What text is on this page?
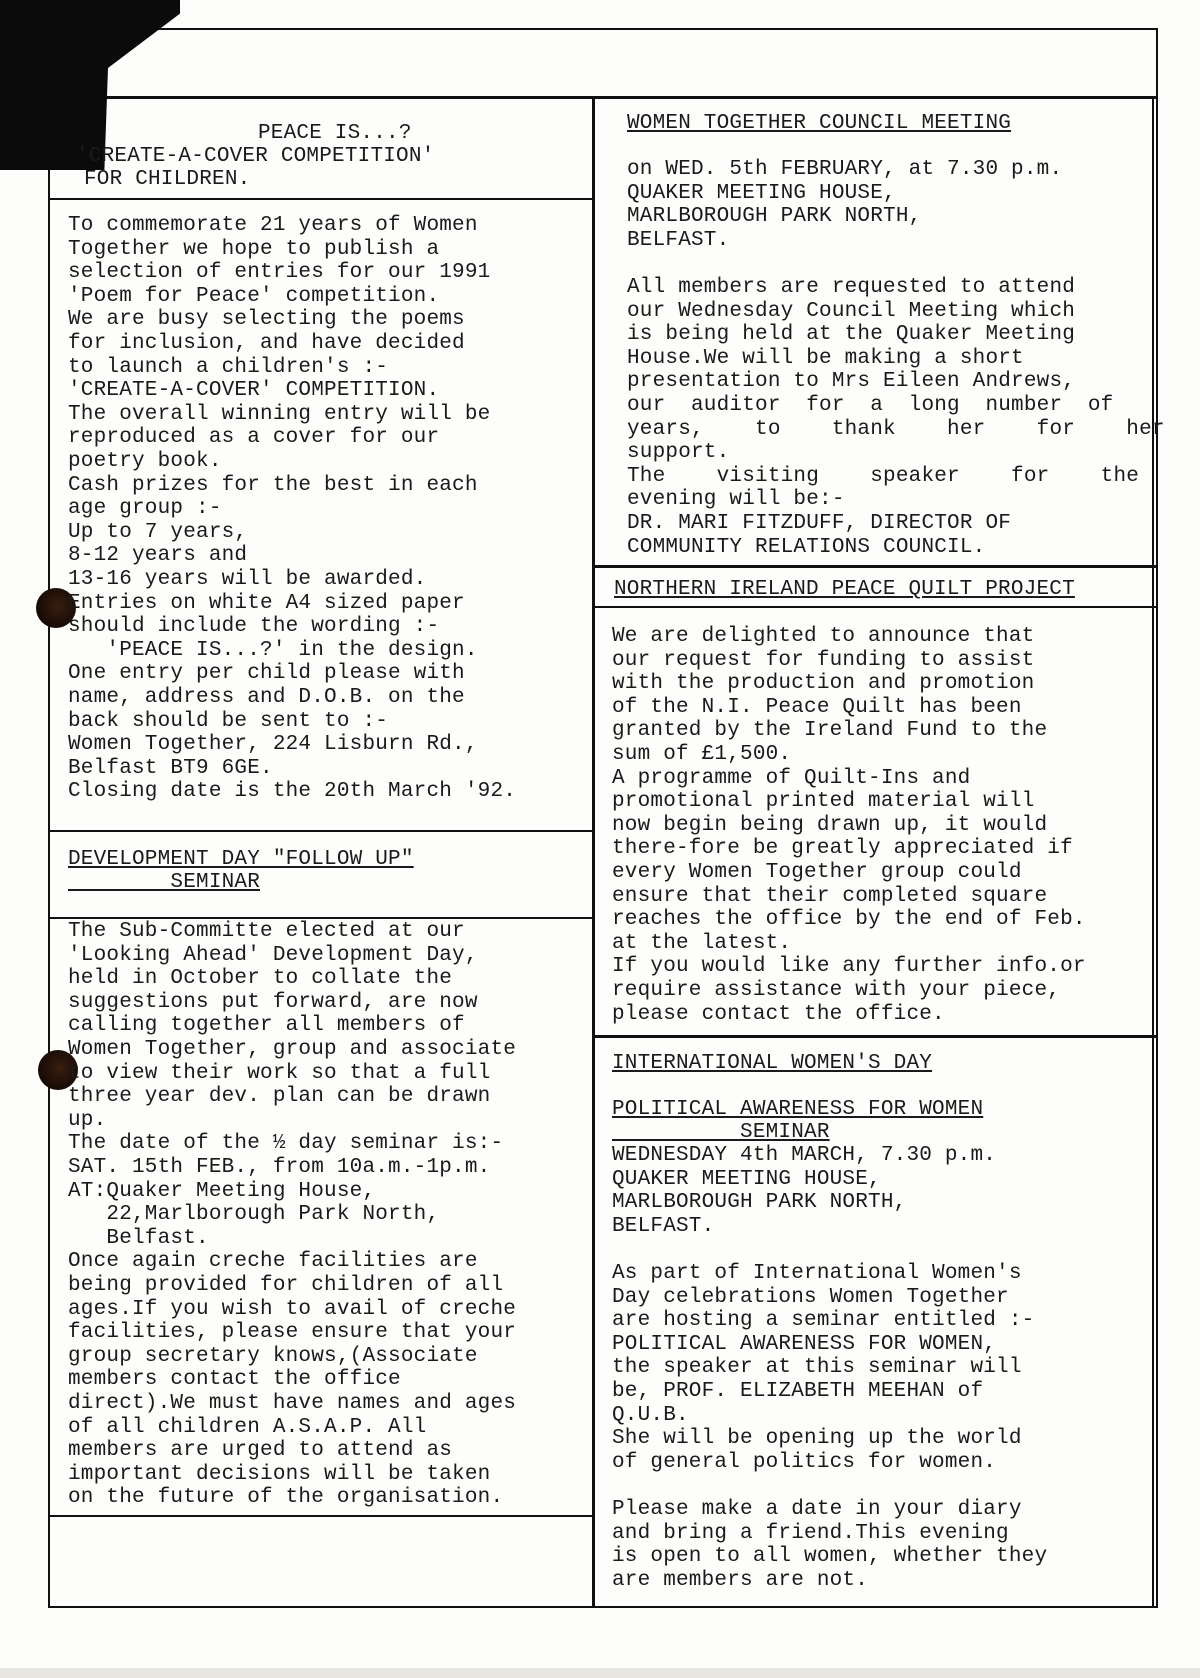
PEACE IS...?
'CREATE-A-COVER COMPETITION'
FOR CHILDREN.
To commemorate 21 years of Women
Together we hope to publish a
selection of entries for our 1991
'Poem for Peace' competition.
We are busy selecting the poems
for inclusion, and have decided
to launch a children's :-
'CREATE-A-COVER' COMPETITION.
The overall winning entry will be
reproduced as a cover for our
poetry book.
Cash prizes for the best in each
age group :-
Up to 7 years,
8-12 years and
13-16 years will be awarded.
Entries on white A4 sized paper
should include the wording :-
'PEACE IS...?' in the design.
One entry per child please with
name, address and D.O.B. on the
back should be sent to :-
Women Together, 224 Lisburn Rd.,
Belfast BT9 6GE.
Closing date is the 20th March '92.
DEVELOPMENT DAY "FOLLOW UP"
SEMINAR
The Sub-Committe elected at our
'Looking Ahead' Development Day,
held in October to collate the
suggestions put forward, are now
calling together all members of
Women Together, group and associate
to view their work so that a full
three year dev. plan can be drawn
up.
The date of the ½ day seminar is:-
SAT. 15th FEB., from 10a.m.-1p.m.
AT:Quaker Meeting House,
22,Marlborough Park North,
Belfast.
Once again creche facilities are
being provided for children of all
ages.If you wish to avail of creche
facilities, please ensure that your
group secretary knows,(Associate
members contact the office
direct).We must have names and ages
of all children A.S.A.P. All
members are urged to attend as
important decisions will be taken
on the future of the organisation.
WOMEN TOGETHER COUNCIL MEETING
on WED. 5th FEBRUARY, at 7.30 p.m.
QUAKER MEETING HOUSE,
MARLBOROUGH PARK NORTH,
BELFAST.
All members are requested to attend
our Wednesday Council Meeting which
is being held at the Quaker Meeting
House.We will be making a short
presentation to Mrs Eileen Andrews,
our  auditor  for  a  long  number  of
years,    to    thank    her    for    her
support.
The    visiting    speaker    for    the
evening will be:-
DR. MARI FITZDUFF, DIRECTOR OF
COMMUNITY RELATIONS COUNCIL.
NORTHERN IRELAND PEACE QUILT PROJECT
We are delighted to announce that
our request for funding to assist
with the production and promotion
of the N.I. Peace Quilt has been
granted by the Ireland Fund to the
sum of £1,500.
A programme of Quilt-Ins and
promotional printed material will
now begin being drawn up, it would
there-fore be greatly appreciated if
every Women Together group could
ensure that their completed square
reaches the office by the end of Feb.
at the latest.
If you would like any further info.or
require assistance with your piece,
please contact the office.
INTERNATIONAL WOMEN'S DAY
POLITICAL AWARENESS FOR WOMEN
SEMINAR
WEDNESDAY 4th MARCH, 7.30 p.m.
QUAKER MEETING HOUSE,
MARLBOROUGH PARK NORTH,
BELFAST.
As part of International Women's
Day celebrations Women Together
are hosting a seminar entitled :-
POLITICAL AWARENESS FOR WOMEN,
the speaker at this seminar will
be, PROF. ELIZABETH MEEHAN of
Q.U.B.
She will be opening up the world
of general politics for women.
Please make a date in your diary
and bring a friend.This evening
is open to all women, whether they
are members are not.
